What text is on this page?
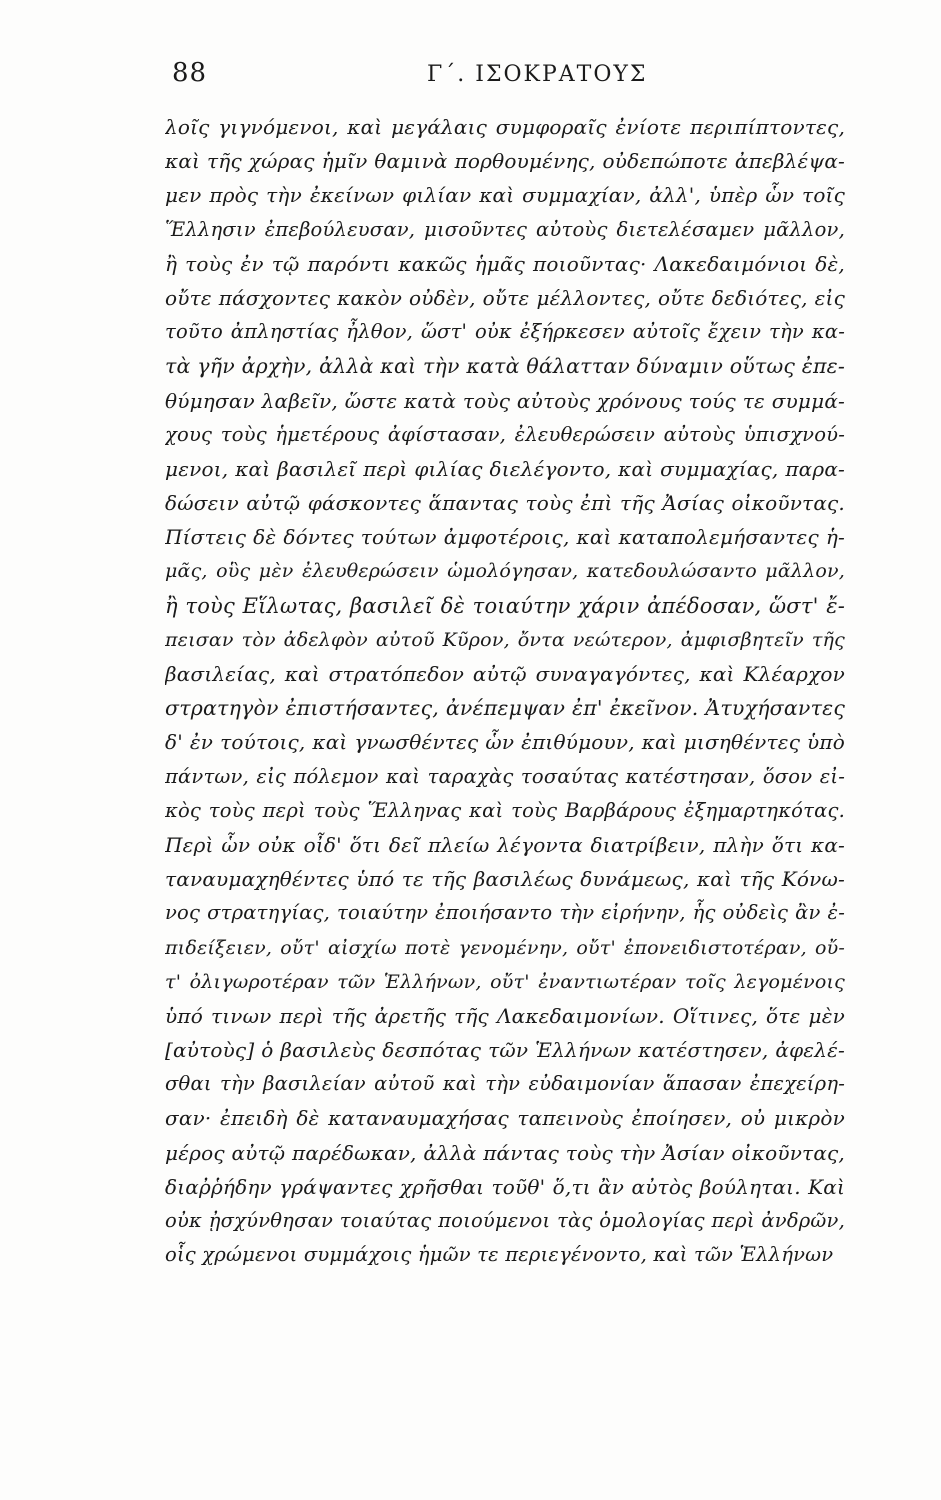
88	Γ΄. ΙΣΟΚΡΑΤΟΥΣ
λοῖς γιγνόμενοι, καὶ μεγάλαις συμφοραῖς ἐνίοτε περιπίπτοντες,
καὶ τῆς χώρας ἡμῖν θαμινὰ πορθουμένης, οὐδεπώποτε ἀπεβλέψα-
μεν πρὸς τὴν ἐκείνων φιλίαν καὶ συμμαχίαν, ἀλλ', ὑπὲρ ὧν τοῖς
Ἕλλησιν ἐπεβούλευσαν, μισοῦντες αὐτοὺς διετελέσαμεν μᾶλλον,
ἢ τοὺς ἐν τῷ παρόντι κακῶς ἡμᾶς ποιοῦντας· Λακεδαιμόνιοι δὲ,
οὔτε πάσχοντες κακὸν οὐδὲν, οὔτε μέλλοντες, οὔτε δεδιότες, εἰς
τοῦτο ἀπληστίας ἦλθον, ὥστ' οὐκ ἐξήρκεσεν αὐτοῖς ἔχειν τὴν κα-
τὰ γῆν ἀρχὴν, ἀλλὰ καὶ τὴν κατὰ θάλατταν δύναμιν οὕτως ἐπε-
θύμησαν λαβεῖν, ὥστε κατὰ τοὺς αὐτοὺς χρόνους τούς τε συμμά-
χους τοὺς ἡμετέρους ἀφίστασαν, ἐλευθερώσειν αὐτοὺς ὑπισχνού-
μενοι, καὶ βασιλεῖ περὶ φιλίας διελέγοντο, καὶ συμμαχίας, παρα-
δώσειν αὐτῷ φάσκοντες ἅπαντας τοὺς ἐπὶ τῆς Ἀσίας οἰκοῦντας.
Πίστεις δὲ δόντες τούτων ἀμφοτέροις, καὶ καταπολεμήσαντες ἡ-
μᾶς, οὓς μὲν ἐλευθερώσειν ὡμολόγησαν, κατεδουλώσαντο μᾶλλον,
ἢ τοὺς Εἵλωτας, βασιλεῖ δὲ τοιαύτην χάριν ἀπέδοσαν, ὥστ' ἔ-
πεισαν τὸν ἀδελφὸν αὐτοῦ Κῦρον, ὄντα νεώτερον, ἀμφισβητεῖν τῆς
βασιλείας, καὶ στρατόπεδον αὐτῷ συναγαγόντες, καὶ Κλέαρχον
στρατηγὸν ἐπιστήσαντες, ἀνέπεμψαν ἐπ' ἐκεῖνον. Ἀτυχήσαντες
δ' ἐν τούτοις, καὶ γνωσθέντες ὧν ἐπιθύμουν, καὶ μισηθέντες ὑπὸ
πάντων, εἰς πόλεμον καὶ ταραχὰς τοσαύτας κατέστησαν, ὅσον εἰ-
κὸς τοὺς περὶ τοὺς Ἕλληνας καὶ τοὺς Βαρβάρους ἐξημαρτηκότας.
Περὶ ὧν οὐκ οἶδ' ὅτι δεῖ πλείω λέγοντα διατρίβειν, πλὴν ὅτι κα-
ταναυμαχηθέντες ὑπό τε τῆς βασιλέως δυνάμεως, καὶ τῆς Κόνω-
νος στρατηγίας, τοιαύτην ἐποιήσαντο τὴν εἰρήνην, ἧς οὐδεὶς ἂν ἐ-
πιδείξειεν, οὔτ' αἰσχίω ποτὲ γενομένην, οὔτ' ἐπονειδιστοτέραν, οὔ-
τ' ὀλιγωροτέραν τῶν Ἑλλήνων, οὔτ' ἐναντιωτέραν τοῖς λεγομένοις
ὑπό τινων περὶ τῆς ἀρετῆς τῆς Λακεδαιμονίων. Οἵτινες, ὅτε μὲν
[αὐτοὺς] ὁ βασιλεὺς δεσπότας τῶν Ἑλλήνων κατέστησεν, ἀφελέ-
σθαι τὴν βασιλείαν αὐτοῦ καὶ τὴν εὐδαιμονίαν ἅπασαν ἐπεχείρη-
σαν· ἐπειδὴ δὲ καταναυμαχήσας ταπεινοὺς ἐποίησεν, οὐ μικρὸν
μέρος αὐτῷ παρέδωκαν, ἀλλὰ πάντας τοὺς τὴν Ἀσίαν οἰκοῦντας,
διαῤῥήδην γράψαντες χρῆσθαι τοῦθ' ὅ,τι ἂν αὐτὸς βούληται. Καὶ
οὐκ ᾐσχύνθησαν τοιαύτας ποιούμενοι τὰς ὁμολογίας περὶ ἀνδρῶν,
οἷς χρώμενοι συμμάχοις ἡμῶν τε περιεγένοντο, καὶ τῶν Ἑλλήνων
